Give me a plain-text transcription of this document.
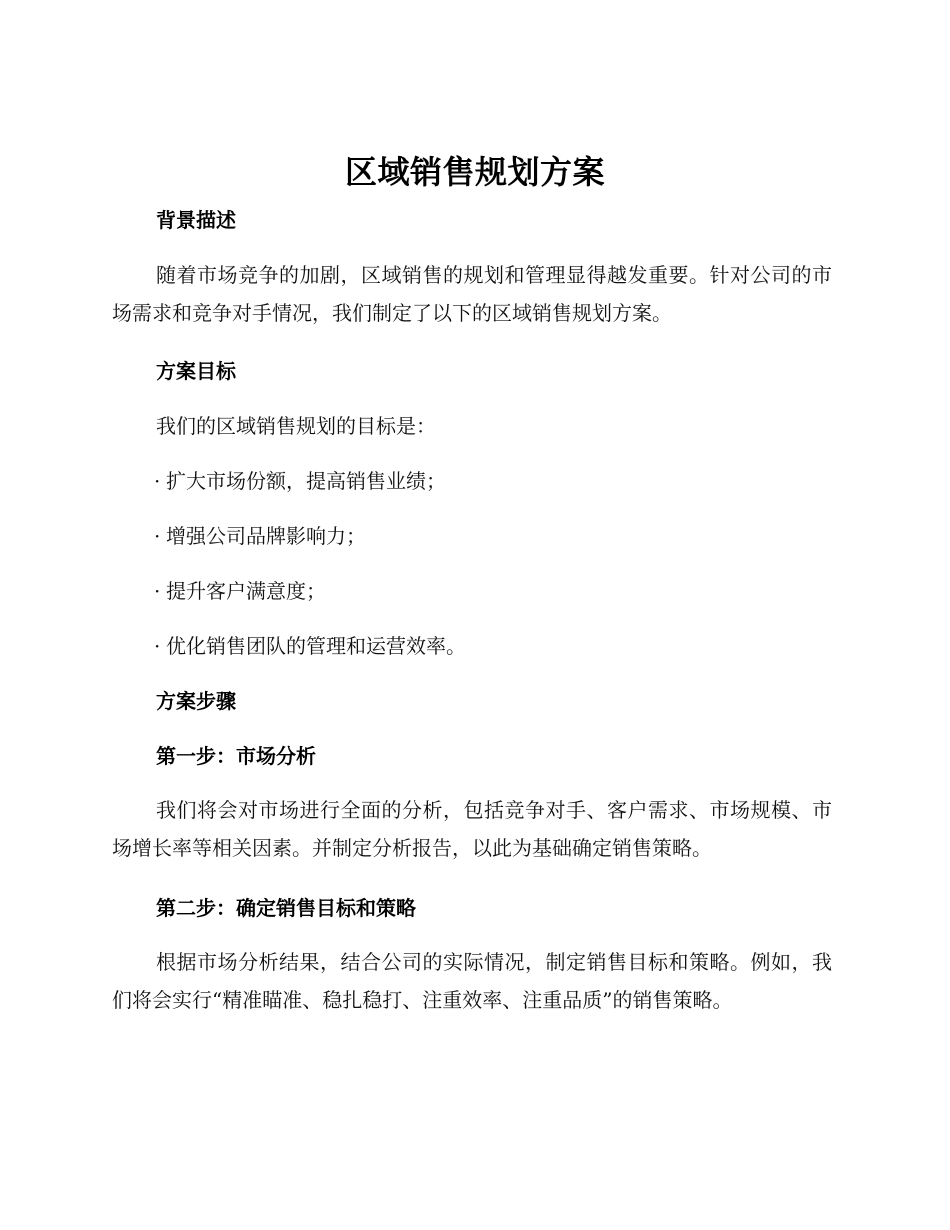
区域销售规划方案
背景描述

随着市场竞争的加剧，区域销售的规划和管理显得越发重要。针对公司的市场需求和竞争对手情况，我们制定了以下的区域销售规划方案。

方案目标
我们的区域销售规划的目标是：
· 扩大市场份额，提高销售业绩；
· 增强公司品牌影响力；
· 提升客户满意度；
· 优化销售团队的管理和运营效率。
方案步骤
第一步：市场分析

我们将会对市场进行全面的分析，包括竞争对手、客户需求、市场规模、市场增长率等相关因素。并制定分析报告，以此为基础确定销售策略。

第二步：确定销售目标和策略

根据市场分析结果，结合公司的实际情况，制定销售目标和策略。例如，我们将会实行“精准瞄准、稳扎稳打、注重效率、注重品质”的销售策略。
